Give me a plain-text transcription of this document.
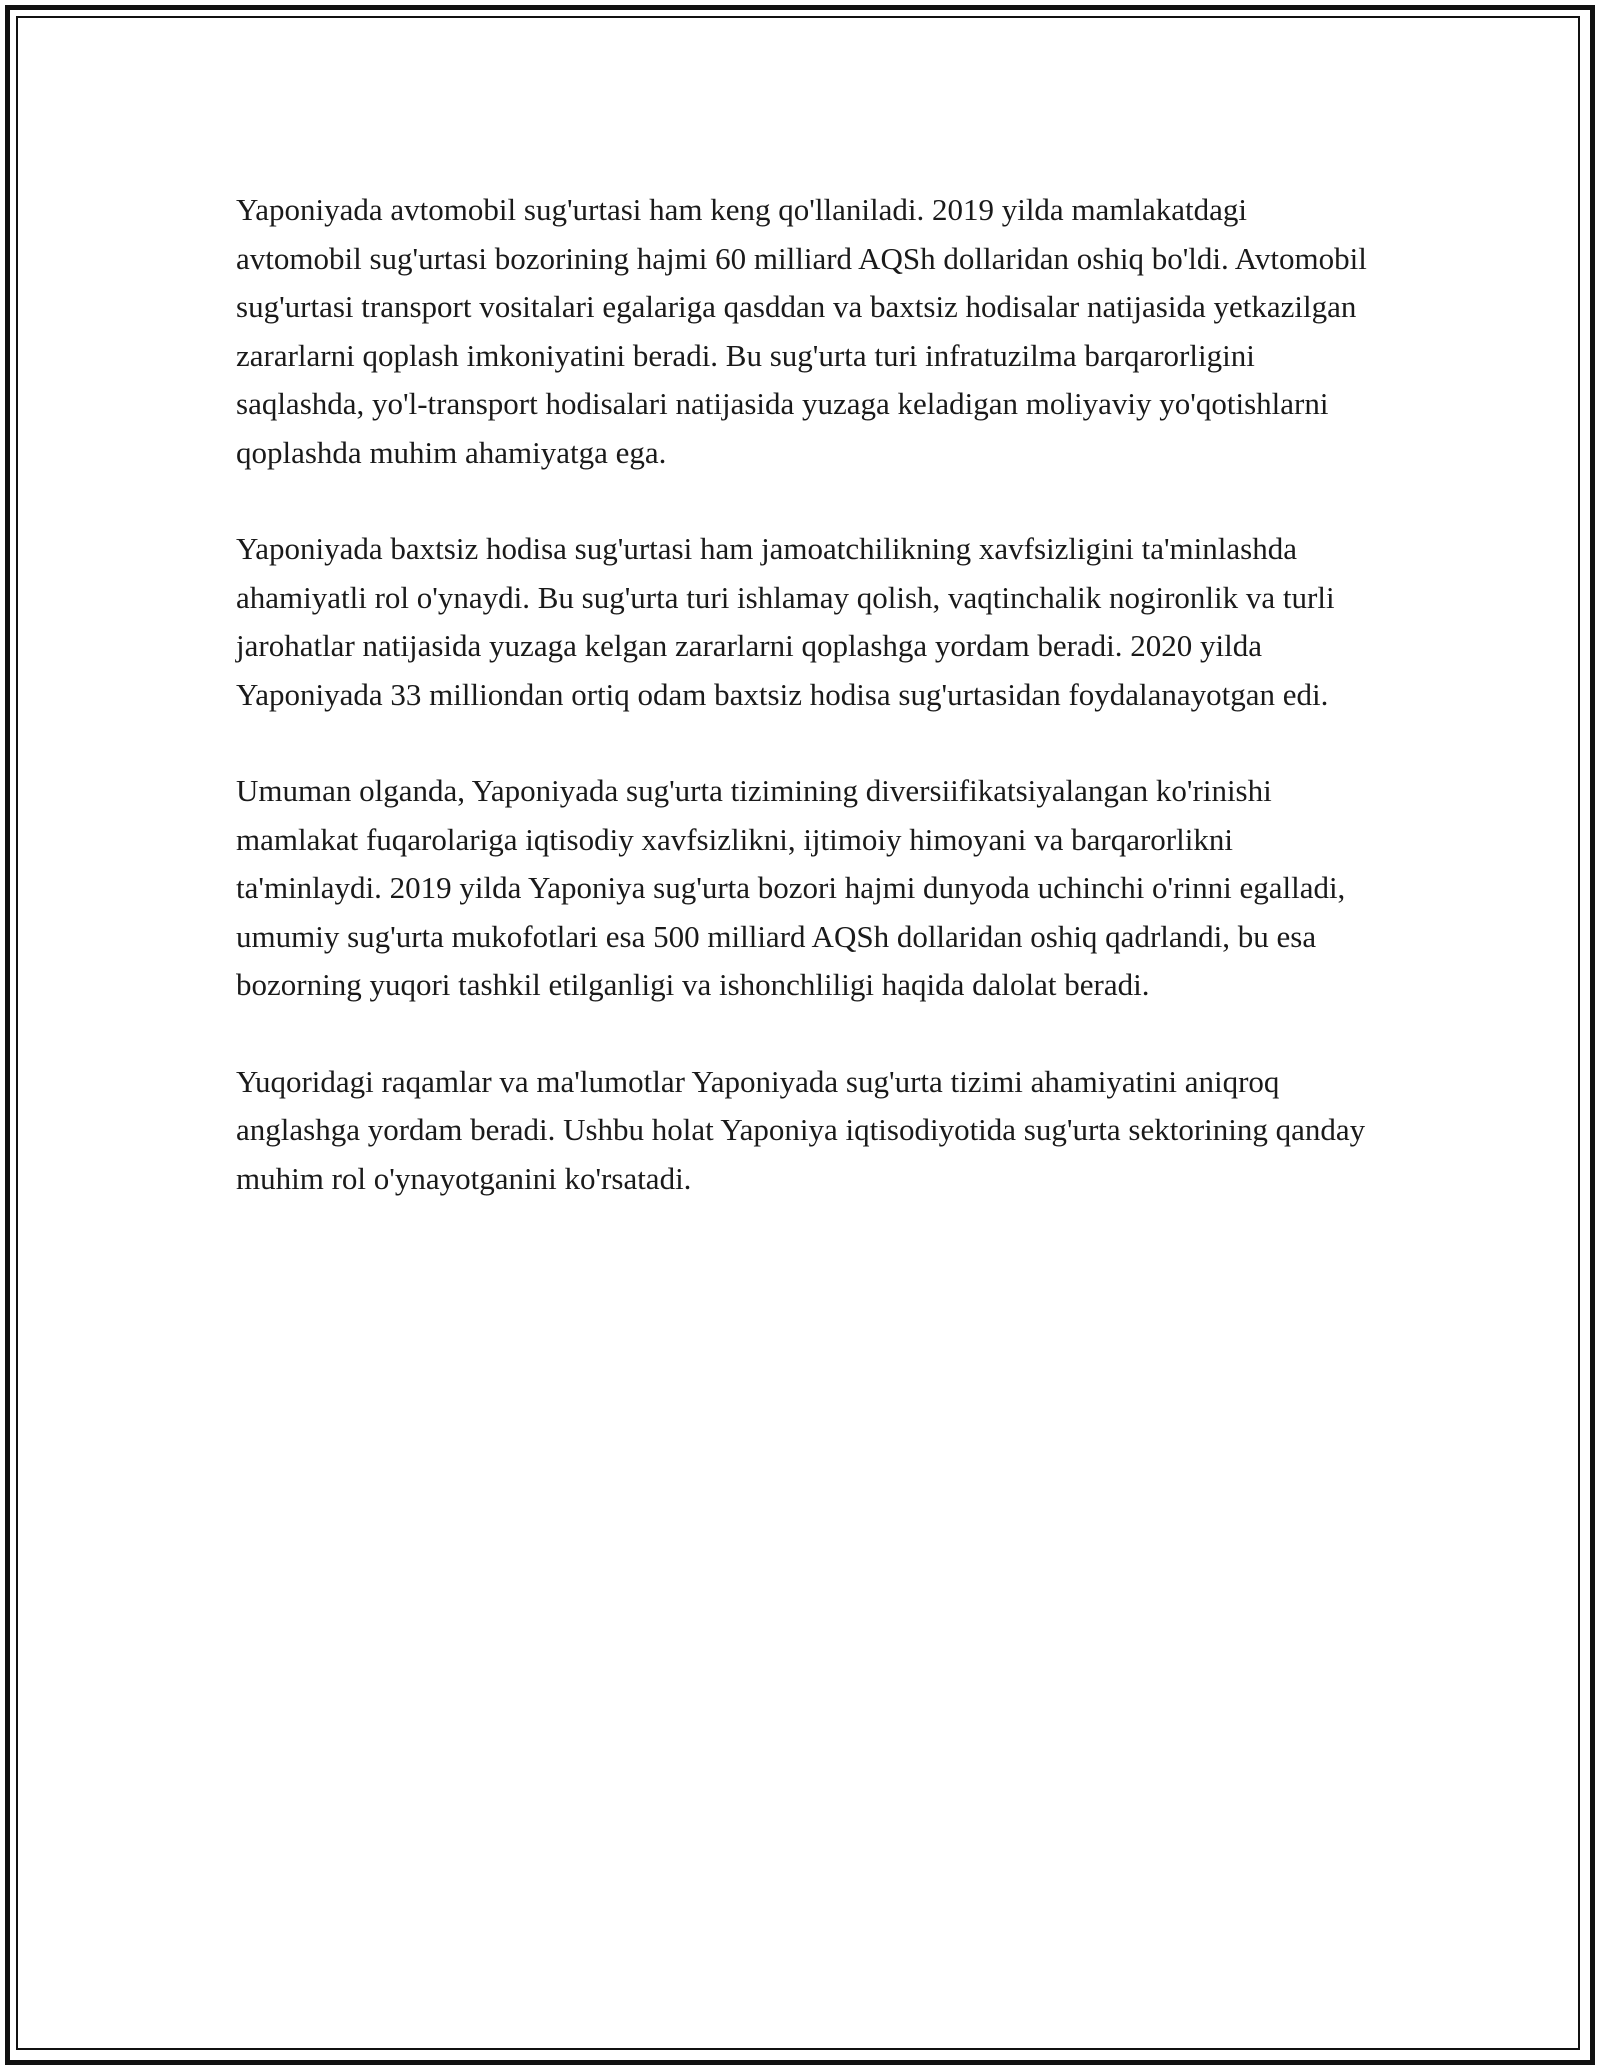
Yaponiyada avtomobil sug'urtasi ham keng qo'llaniladi. 2019 yilda mamlakatdagi avtomobil sug'urtasi bozorining hajmi 60 milliard AQSh dollaridan oshiq bo'ldi. Avtomobil sug'urtasi transport vositalari egalariga qasddan va baxtsiz hodisalar natijasida yetkazilgan zararlarni qoplash imkoniyatini beradi. Bu sug'urta turi infratuzilma barqarorligini saqlashda, yo'l-transport hodisalari natijasida yuzaga keladigan moliyaviy yo'qotishlarni qoplashda muhim ahamiyatga ega.

Yaponiyada baxtsiz hodisa sug'urtasi ham jamoatchilikning xavfsizligini ta'minlashda ahamiyatli rol o'ynaydi. Bu sug'urta turi ishlamay qolish, vaqtinchalik nogironlik va turli jarohatlar natijasida yuzaga kelgan zararlarni qoplashga yordam beradi. 2020 yilda Yaponiyada 33 milliondan ortiq odam baxtsiz hodisa sug'urtasidan foydalanayotgan edi.

Umuman olganda, Yaponiyada sug'urta tizimining diversiifikatsiyalangan ko'rinishi mamlakat fuqarolariga iqtisodiy xavfsizlikni, ijtimoiy himoyani va barqarorlikni ta'minlaydi. 2019 yilda Yaponiya sug'urta bozori hajmi dunyoda uchinchi o'rinni egalladi, umumiy sug'urta mukofotlari esa 500 milliard AQSh dollaridan oshiq qadrlandi, bu esa bozorning yuqori tashkil etilganligi va ishonchliligi haqida dalolat beradi.

Yuqoridagi raqamlar va ma'lumotlar Yaponiyada sug'urta tizimi ahamiyatini aniqroq anglashga yordam beradi. Ushbu holat Yaponiya iqtisodiyotida sug'urta sektorining qanday muhim rol o'ynayotganini ko'rsatadi.
